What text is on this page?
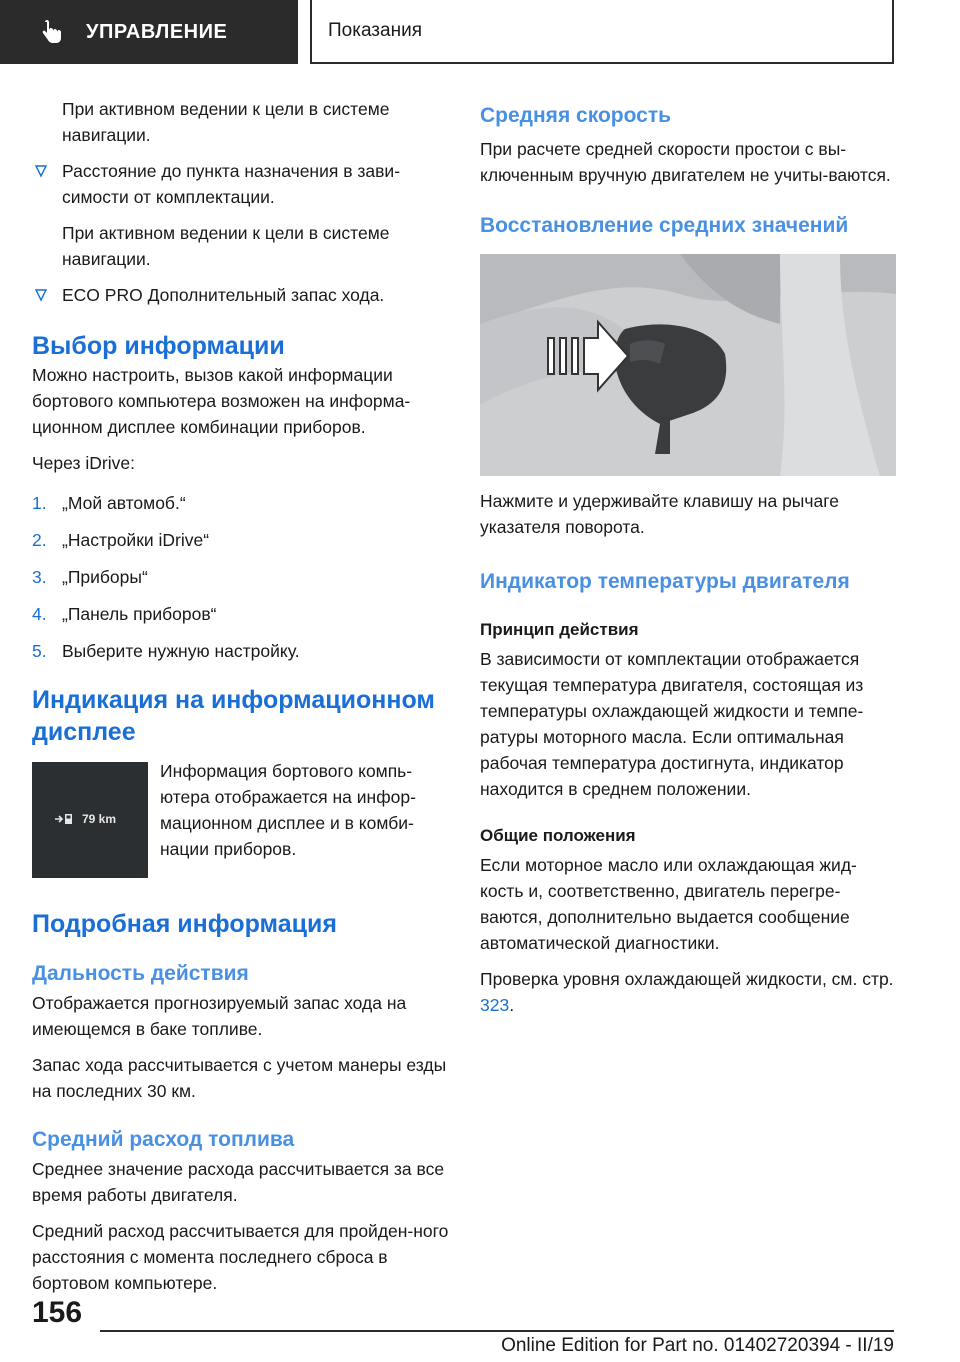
УПРАВЛЕНИЕ	Показания

При активном ведении к цели в системе навигации.

Расстояние до пункта назначения в зави-симости от комплектации.

При активном ведении к цели в системе навигации.

ECO PRO Дополнительный запас хода.

Выбор информации

Можно настроить, вызов какой информации бортового компьютера возможен на информа-ционном дисплее комбинации приборов.

Через iDrive:

1. „Мой автомоб.“
2. „Настройки iDrive“
3. „Приборы“
4. „Панель приборов“
5. Выберите нужную настройку.
Индикация на информационном дисплее
79 km

Информация бортового компь-ютера отображается на инфор-мационном дисплее и в комби-нации приборов.

Подробная информация
Дальность действия

Отображается прогнозируемый запас хода на имеющемся в баке топливе.

Запас хода рассчитывается с учетом манеры езды на последних 30 км.

Средний расход топлива

Среднее значение расхода рассчитывается за все время работы двигателя.

Средний расход рассчитывается для пройден-ного расстояния с момента последнего сброса в бортовом компьютере.

Средняя скорость

При расчете средней скорости простои с вы-ключенным вручную двигателем не учиты-ваются.

Восстановление средних значений

Нажмите и удерживайте клавишу на рычаге указателя поворота.

Индикатор температуры двигателя
Принцип действия

В зависимости от комплектации отображается текущая температура двигателя, состоящая из температуры охлаждающей жидкости и темпе-ратуры моторного масла. Если оптимальная рабочая температура достигнута, индикатор находится в среднем положении.

Общие положения

Если моторное масло или охлаждающая жид-кость и, соответственно, двигатель перегре-ваются, дополнительно выдается сообщение автоматической диагностики.

Проверка уровня охлаждающей жидкости, см. стр. 323.

156
Online Edition for Part no. 01402720394 - II/19
